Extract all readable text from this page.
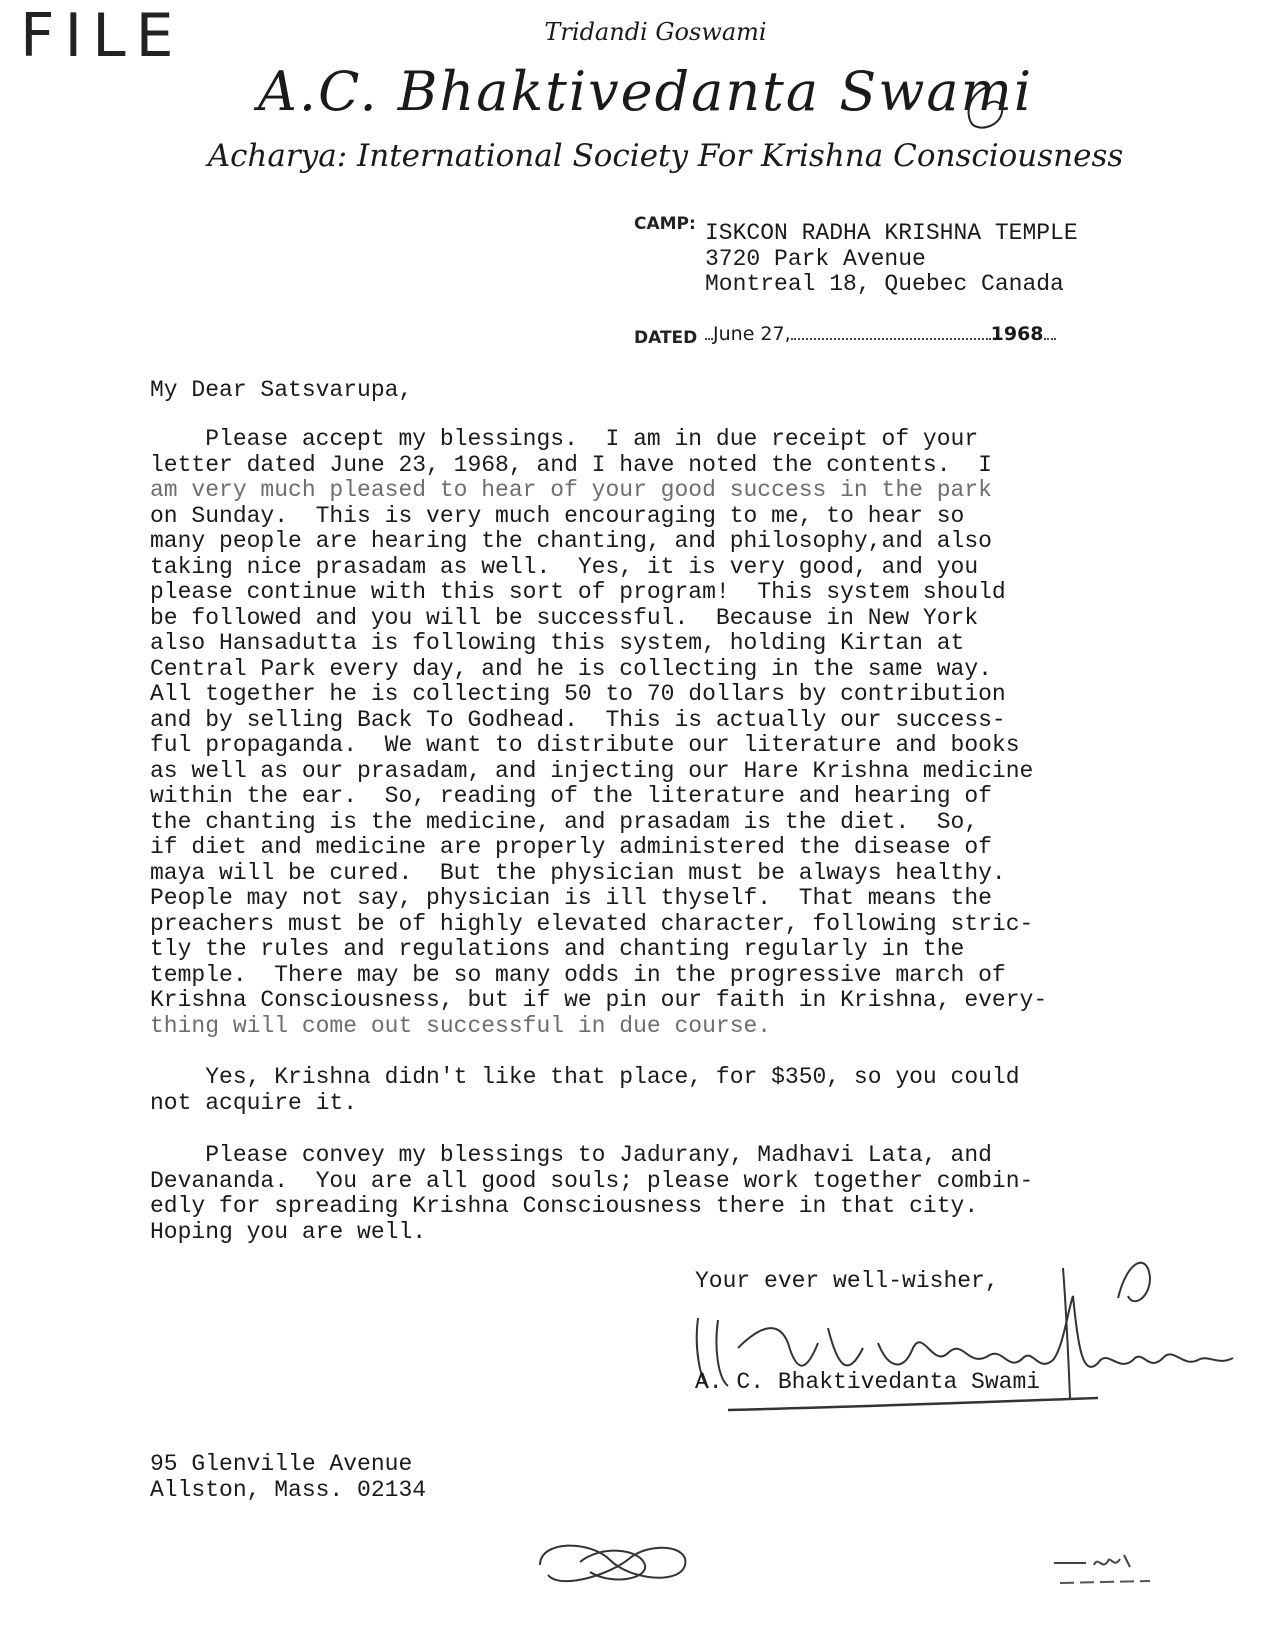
FILE	Tridandi Goswami
A.C. Bhaktivedanta Swami
Acharya: International Society For Krishna Consciousness
CAMP: ISKCON RADHA KRISHNA TEMPLE
3720 Park Avenue
Montreal 18, Quebec Canada
DATED June 27,	1968
My Dear Satsvarupa,
Please accept my blessings.  I am in due receipt of your
letter dated June 23, 1968, and I have noted the contents.  I
am very much pleased to hear of your good success in the park
on Sunday.  This is very much encouraging to me, to hear so
many people are hearing the chanting, and philosophy,and also
taking nice prasadam as well.  Yes, it is very good, and you
please continue with this sort of program!  This system should
be followed and you will be successful.  Because in New York
also Hansadutta is following this system, holding Kirtan at
Central Park every day, and he is collecting in the same way.
All together he is collecting 50 to 70 dollars by contribution
and by selling Back To Godhead.  This is actually our success-
ful propaganda.  We want to distribute our literature and books
as well as our prasadam, and injecting our Hare Krishna medicine
within the ear.  So, reading of the literature and hearing of
the chanting is the medicine, and prasadam is the diet.  So,
if diet and medicine are properly administered the disease of
maya will be cured.  But the physician must be always healthy.
People may not say, physician is ill thyself.  That means the
preachers must be of highly elevated character, following stric-
tly the rules and regulations and chanting regularly in the
temple.  There may be so many odds in the progressive march of
Krishna Consciousness, but if we pin our faith in Krishna, every-
thing will come out successful in due course.
Yes, Krishna didn't like that place, for $350, so you could
not acquire it.
Please convey my blessings to Jadurany, Madhavi Lata, and
Devananda.  You are all good souls; please work together combin-
edly for spreading Krishna Consciousness there in that city.
Hoping you are well.
Your ever well-wisher,
A. C. Bhaktivedanta Swami
95 Glenville Avenue
Allston, Mass. 02134
